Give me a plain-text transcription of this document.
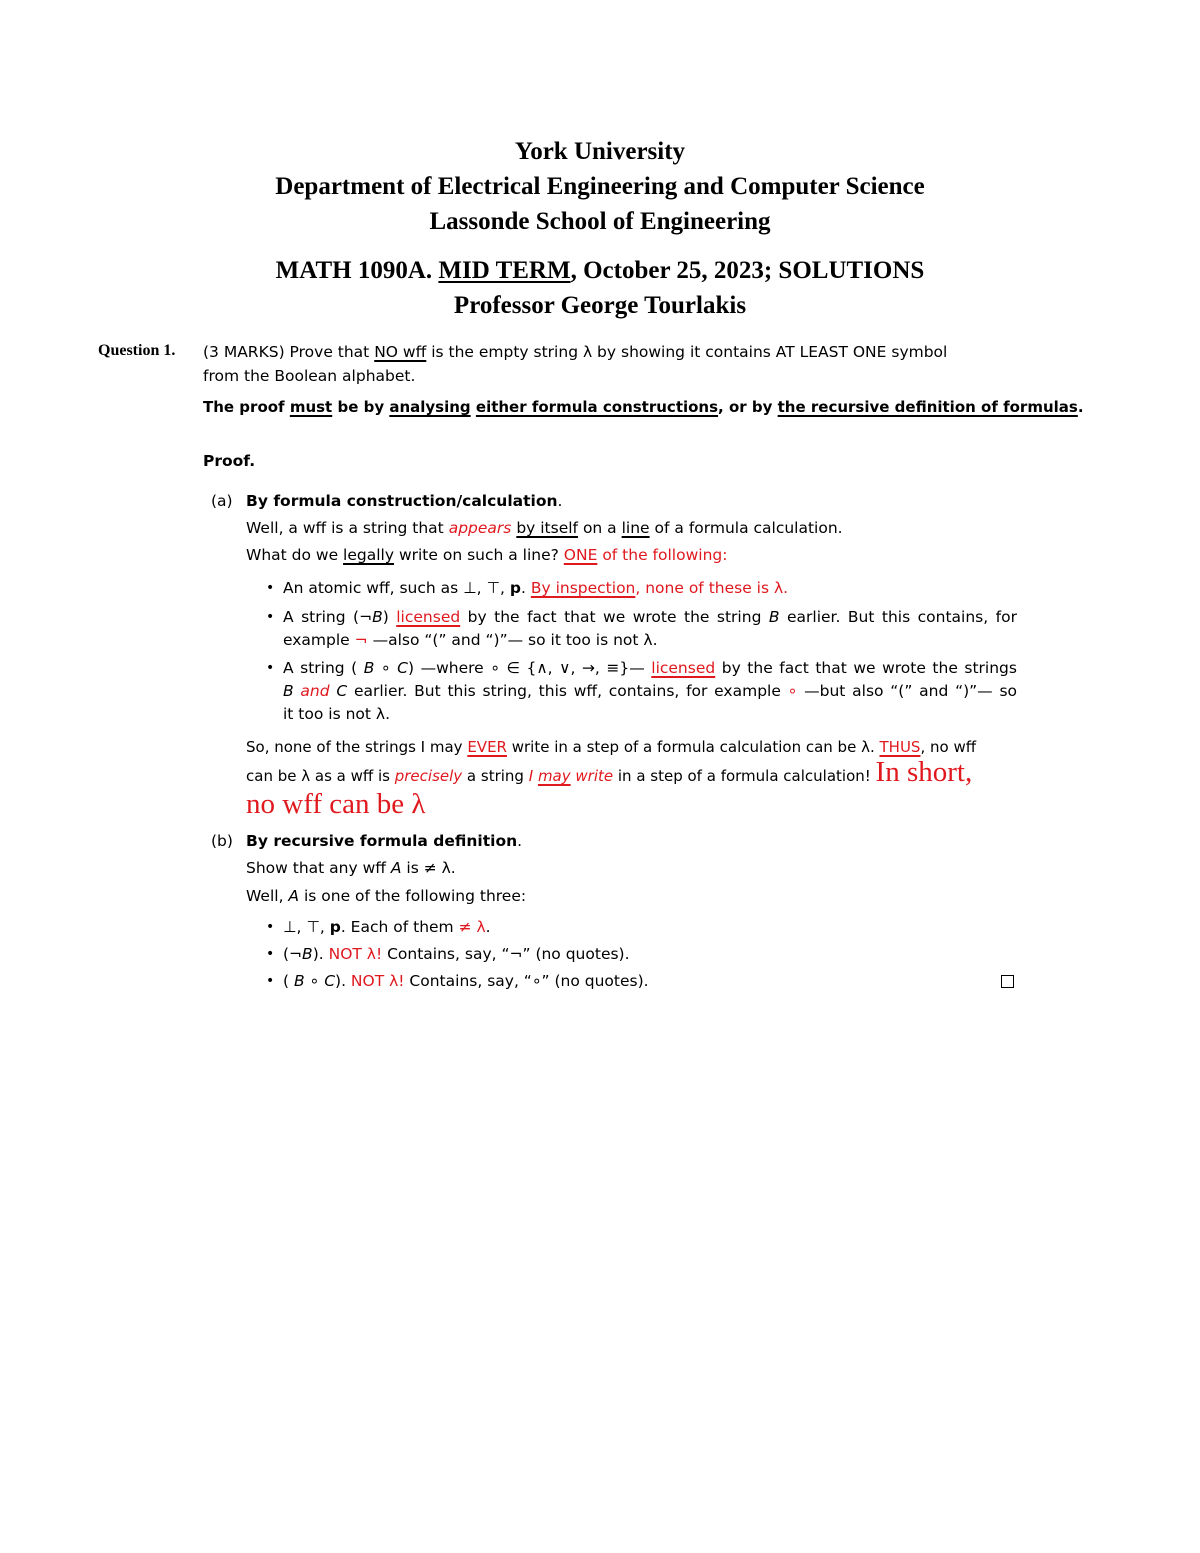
York University
Department of Electrical Engineering and Computer Science
Lassonde School of Engineering
MATH 1090A. MID TERM, October 25, 2023; SOLUTIONS
Professor George Tourlakis
Question 1. (3 MARKS) Prove that NO wff is the empty string λ by showing it contains AT LEAST ONE symbol
from the Boolean alphabet.
The proof must be by analysing either formula constructions, or by the recursive definition of formulas.
Proof.
(a) By formula construction/calculation.
Well, a wff is a string that appears by itself on a line of a formula calculation.
What do we legally write on such a line? ONE of the following:
• An atomic wff, such as ⊥, ⊤, p. By inspection, none of these is λ.
• A string (¬B) licensed by the fact that we wrote the string B earlier. But this contains, for
example ¬ —also “(” and “)”— so it too is not λ.
• A string ( B ∘ C) —where ∘ ∈ {∧, ∨, →, ≡}— licensed by the fact that we wrote the strings
B and C earlier. But this string, this wff, contains, for example ∘ —but also “(” and “)”— so
it too is not λ.
So, none of the strings I may EVER write in a step of a formula calculation can be λ. THUS, no wff
can be λ as a wff is precisely a string I may write in a step of a formula calculation! In short,
no wff can be λ
(b) By recursive formula definition.
Show that any wff A is ≠ λ.
Well, A is one of the following three:
• ⊥, ⊤, p. Each of them ≠ λ.
• (¬B). NOT λ! Contains, say, “¬” (no quotes).
• ( B ∘ C). NOT λ! Contains, say, “∘” (no quotes).
